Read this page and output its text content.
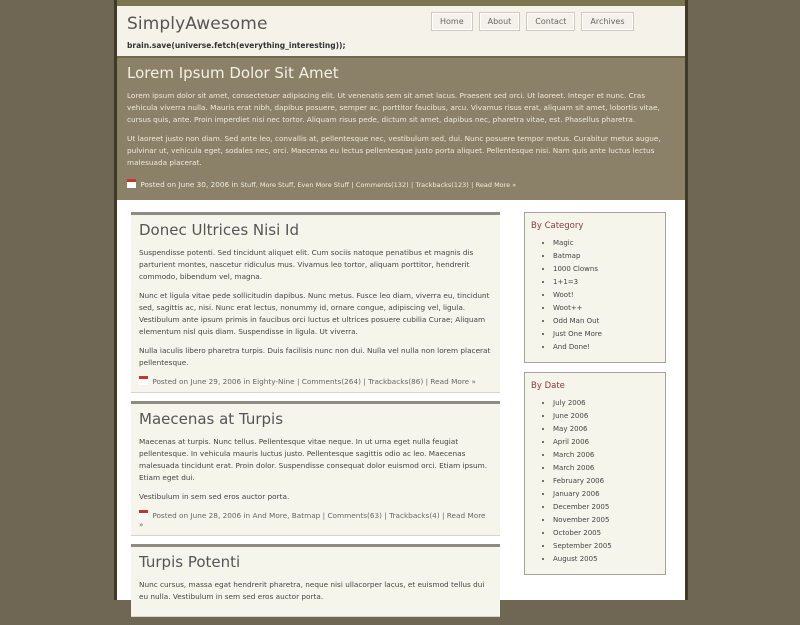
SimplyAwesome
brain.save(universe.fetch(everything_interesting));
Home	About	Contact	Archives
Lorem Ipsum Dolor Sit Amet

Lorem ipsum dolor sit amet, consectetuer adipiscing elit. Ut venenatis sem sit amet lacus. Praesent sed orci. Ut laoreet. Integer et nunc. Cras vehicula viverra nulla. Mauris erat nibh, dapibus posuere, semper ac, porttitor faucibus, arcu. Vivamus risus erat, aliquam sit amet, lobortis vitae, cursus quis, ante. Proin imperdiet nisi nec tortor. Aliquam risus pede, dictum sit amet, dapibus nec, pharetra vitae, est. Phasellus pharetra.

Ut laoreet justo non diam. Sed ante leo, convallis at, pellentesque nec, vestibulum sed, dui. Nunc posuere tempor metus. Curabitur metus augue, pulvinar ut, vehicula eget, sodales nec, orci. Maecenas eu lectus pellentesque justo porta aliquet. Pellentesque nisi. Nam quis ante luctus lectus malesuada placerat.

Posted on June 30, 2006 in Stuff, More Stuff, Even More Stuff | Comments(132) | Trackbacks(123) | Read More »
Donec Ultrices Nisi Id

Suspendisse potenti. Sed tincidunt aliquet elit. Cum sociis natoque penatibus et magnis dis parturient montes, nascetur ridiculus mus. Vivamus leo tortor, aliquam porttitor, hendrerit commodo, bibendum vel, magna.

Nunc et ligula vitae pede sollicitudin dapibus. Nunc metus. Fusce leo diam, viverra eu, tincidunt sed, sagittis ac, nisi. Nunc erat lectus, nonummy id, ornare congue, adipiscing vel, ligula. Vestibulum ante ipsum primis in faucibus orci luctus et ultrices posuere cubilia Curae; Aliquam elementum nisl quis diam. Suspendisse in ligula. Ut viverra.

Nulla iaculis libero pharetra turpis. Duis facilisis nunc non dui. Nulla vel nulla non lorem placerat pellentesque.

Posted on June 29, 2006 in Eighty-Nine | Comments(264) | Trackbacks(86) | Read More »
Maecenas at Turpis

Maecenas at turpis. Nunc tellus. Pellentesque vitae neque. In ut urna eget nulla feugiat pellentesque. In vehicula mauris luctus justo. Pellentesque sagittis odio ac leo. Maecenas malesuada tincidunt erat. Proin dolor. Suspendisse consequat dolor euismod orci. Etiam ipsum. Etiam eget dui.

Vestibulum in sem sed eros auctor porta.

Posted on June 28, 2006 in And More, Batmap | Comments(63) | Trackbacks(4) | Read More »
Turpis Potenti

Nunc cursus, massa egat hendrerit pharetra, neque nisi ullacorper lacus, et euismod tellus dui eu nulla. Vestibulum in sem sed eros auctor porta.

By Category
• Magic
• Batmap
• 1000 Clowns
• 1+1=3
• Woot!
• Woot++
• Odd Man Out
• Just One More
• And Done!
By Date
• July 2006
• June 2006
• May 2006
• April 2006
• March 2006
• March 2006
• February 2006
• January 2006
• December 2005
• November 2005
• October 2005
• September 2005
• August 2005
